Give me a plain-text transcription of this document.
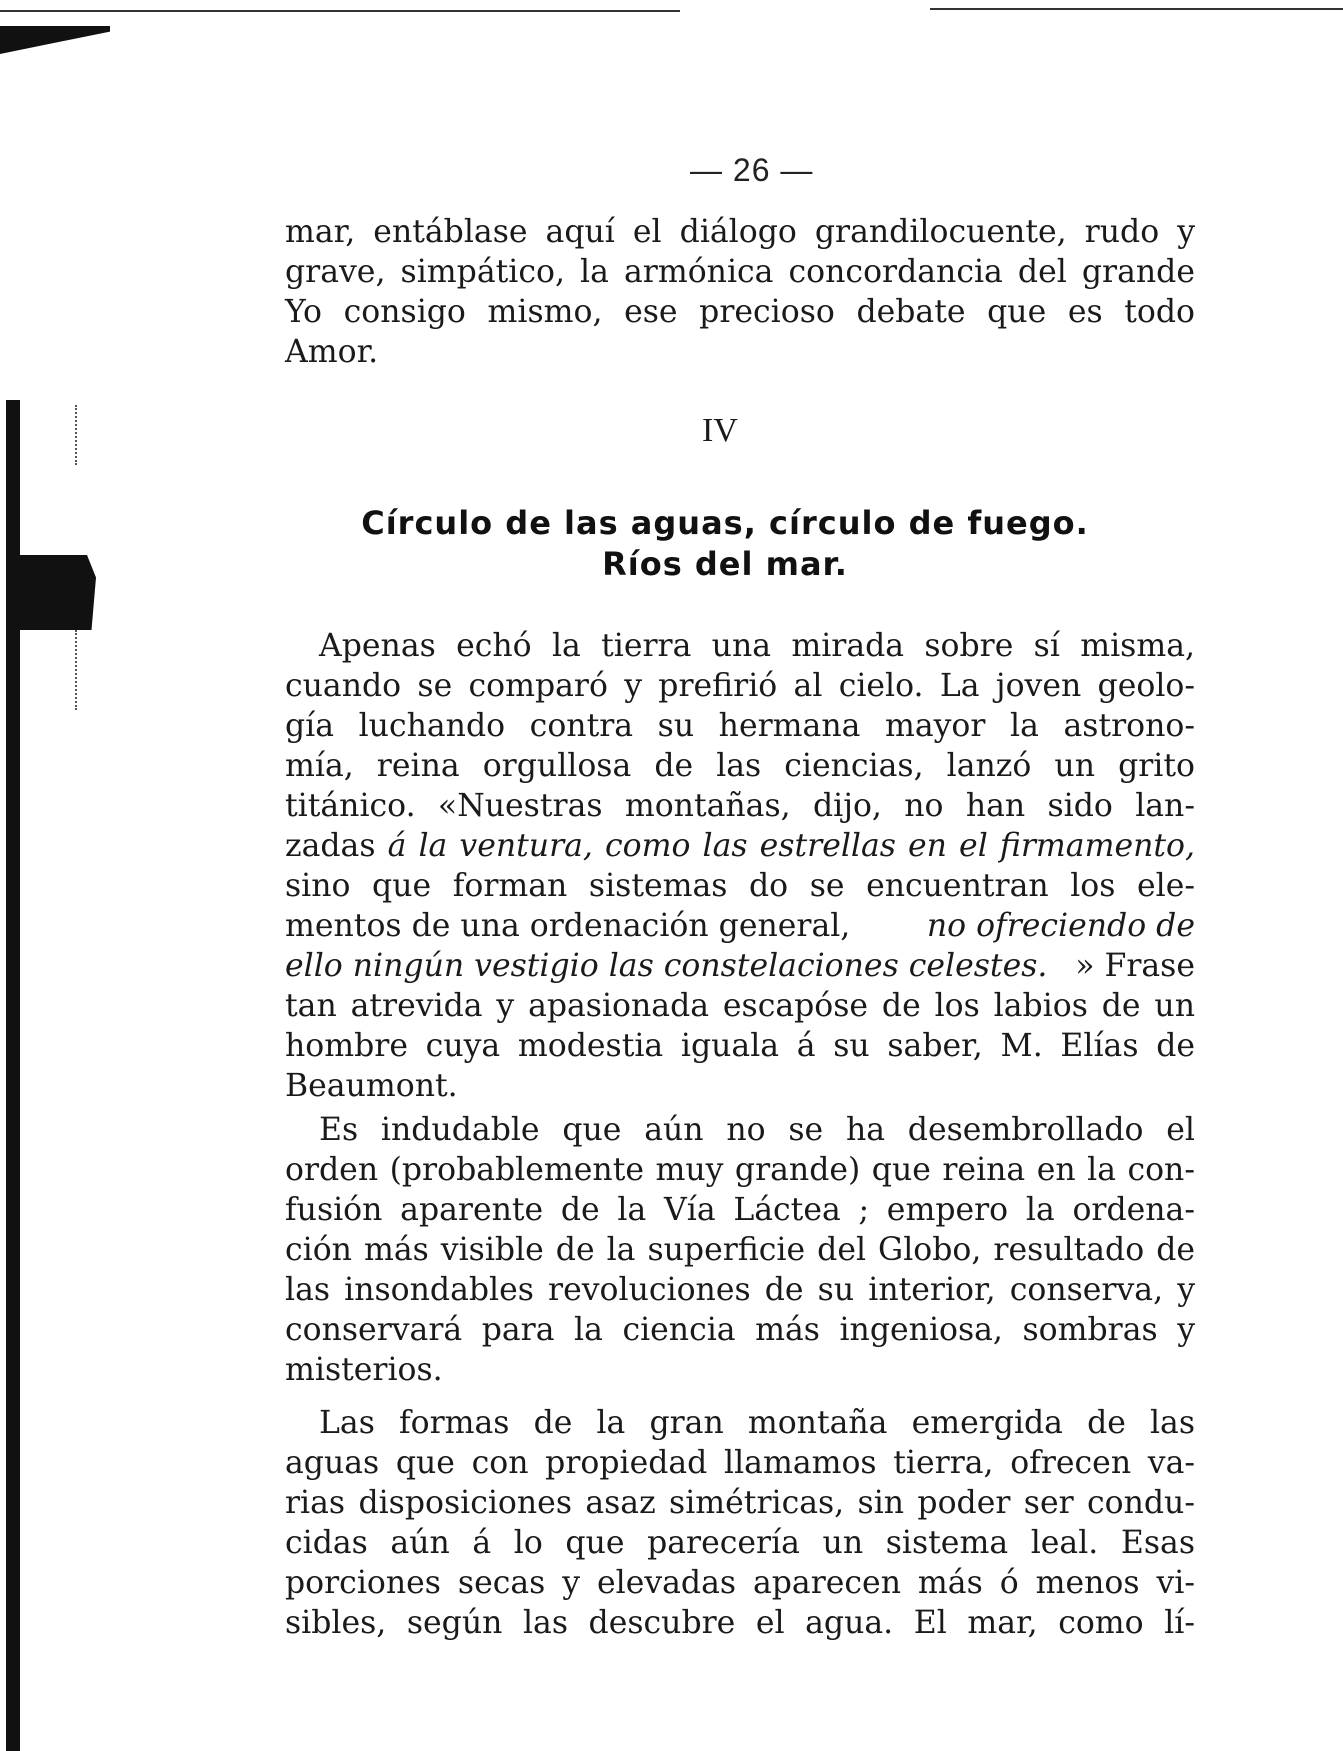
— 26 —
mar, entáblase aquí el diálogo grandilocuente, rudo y
grave, simpático, la armónica concordancia del grande
Yo consigo mismo, ese precioso debate que es todo
Amor.
IV
Círculo de las aguas, círculo de fuego.
Ríos del mar.
Apenas echó la tierra una mirada sobre sí misma,
cuando se comparó y prefirió al cielo. La joven geolo-
gía luchando contra su hermana mayor la astrono-
mía, reina orgullosa de las ciencias, lanzó un grito
titánico. «Nuestras montañas, dijo, no han sido lan-
zadas á la ventura, como las estrellas en el firmamento,
sino que forman sistemas do se encuentran los ele-
mentos de una ordenación general, no ofreciendo de
ello ningún vestigio las constelaciones celestes. » Frase
tan atrevida y apasionada escapóse de los labios de un
hombre cuya modestia iguala á su saber, M. Elías de
Beaumont.
Es indudable que aún no se ha desembrollado el
orden (probablemente muy grande) que reina en la con-
fusión aparente de la Vía Láctea ; empero la ordena-
ción más visible de la superficie del Globo, resultado de
las insondables revoluciones de su interior, conserva, y
conservará para la ciencia más ingeniosa, sombras y
misterios.
Las formas de la gran montaña emergida de las
aguas que con propiedad llamamos tierra, ofrecen va-
rias disposiciones asaz simétricas, sin poder ser condu-
cidas aún á lo que parecería un sistema leal. Esas
porciones secas y elevadas aparecen más ó menos vi-
sibles, según las descubre el agua. El mar, como lí-
